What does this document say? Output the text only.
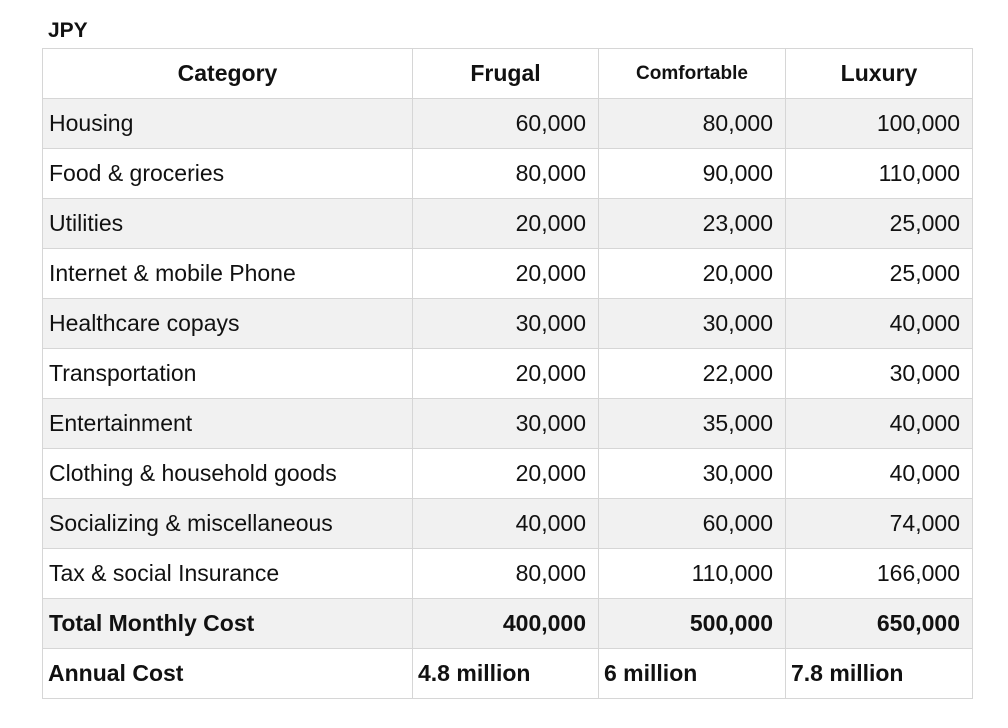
JPY
Category	Frugal	Comfortable	Luxury
Housing	60,000	80,000	100,000
Food & groceries	80,000	90,000	110,000
Utilities	20,000	23,000	25,000
Internet & mobile Phone	20,000	20,000	25,000
Healthcare copays	30,000	30,000	40,000
Transportation	20,000	22,000	30,000
Entertainment	30,000	35,000	40,000
Clothing & household goods	20,000	30,000	40,000
Socializing & miscellaneous	40,000	60,000	74,000
Tax & social Insurance	80,000	110,000	166,000
Total Monthly Cost	400,000	500,000	650,000
Annual Cost	4.8 million	6 million	7.8 million
